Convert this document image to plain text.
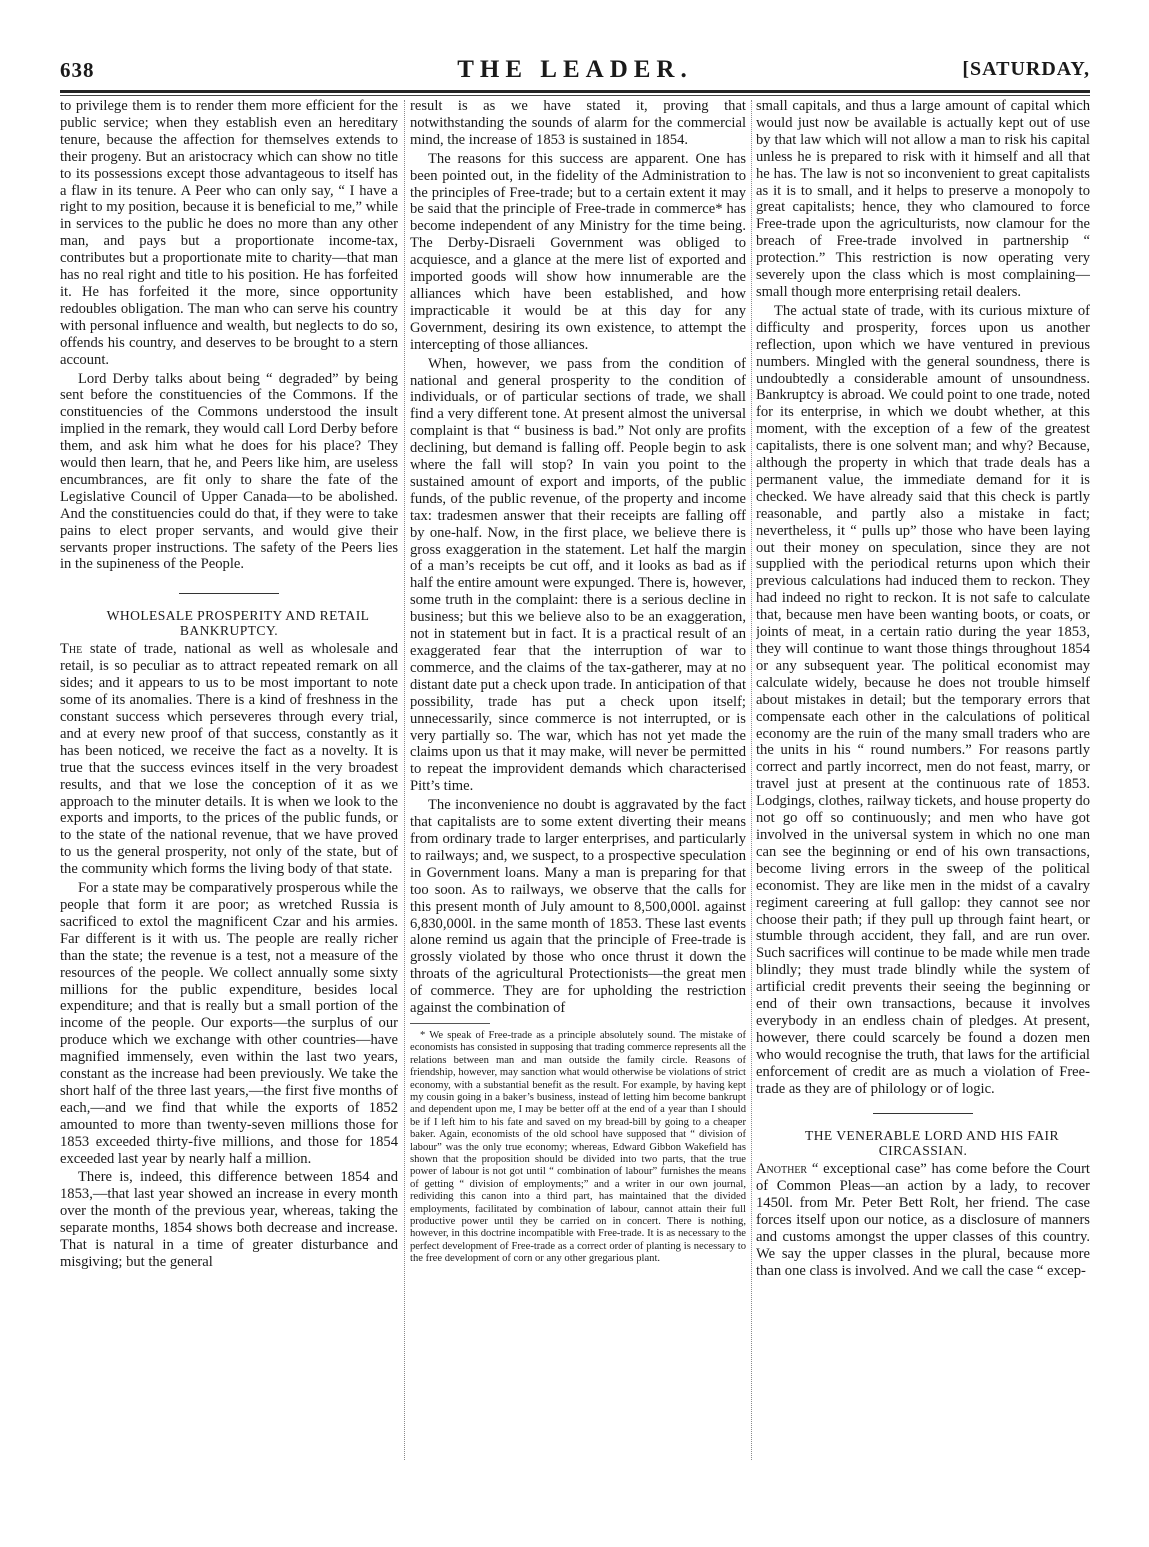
638	THE LEADER.	[SATURDAY,

to privilege them is to render them more efficient for the public service; when they establish even an hereditary tenure, because the affection for themselves extends to their progeny. But an aristocracy which can show no title to its possessions except those advantageous to itself has a flaw in its tenure. A Peer who can only say, “ I have a right to my position, because it is beneficial to me,” while in services to the public he does no more than any other man, and pays but a proportionate income-tax, contributes but a proportionate mite to charity—that man has no real right and title to his position. He has forfeited it. He has forfeited it the more, since opportunity redoubles obligation. The man who can serve his country with personal influence and wealth, but neglects to do so, offends his country, and deserves to be brought to a stern account.

Lord Derby talks about being “ degraded” by being sent before the constituencies of the Commons. If the constituencies of the Commons understood the insult implied in the remark, they would call Lord Derby before them, and ask him what he does for his place? They would then learn, that he, and Peers like him, are useless encumbrances, are fit only to share the fate of the Legislative Council of Upper Canada—to be abolished. And the constituencies could do that, if they were to take pains to elect proper servants, and would give their servants proper instructions. The safety of the Peers lies in the supineness of the People.

WHOLESALE PROSPERITY AND RETAIL BANKRUPTCY.

The state of trade, national as well as wholesale and retail, is so peculiar as to attract repeated remark on all sides; and it appears to us to be most important to note some of its anomalies. There is a kind of freshness in the constant success which perseveres through every trial, and at every new proof of that success, constantly as it has been noticed, we receive the fact as a novelty. It is true that the success evinces itself in the very broadest results, and that we lose the conception of it as we approach to the minuter details. It is when we look to the exports and imports, to the prices of the public funds, or to the state of the national revenue, that we have proved to us the general prosperity, not only of the state, but of the community which forms the living body of that state.

For a state may be comparatively prosperous while the people that form it are poor; as wretched Russia is sacrificed to extol the magnificent Czar and his armies. Far different is it with us. The people are really richer than the state; the revenue is a test, not a measure of the resources of the people. We collect annually some sixty millions for the public expenditure, besides local expenditure; and that is really but a small portion of the income of the people. Our exports—the surplus of our produce which we exchange with other countries—have magnified immensely, even within the last two years, constant as the increase had been previously. We take the short half of the three last years,—the first five months of each,—and we find that while the exports of 1852 amounted to more than twenty-seven millions those for 1853 exceeded thirty-five millions, and those for 1854 exceeded last year by nearly half a million.

There is, indeed, this difference between 1854 and 1853,—that last year showed an increase in every month over the month of the previous year, whereas, taking the separate months, 1854 shows both decrease and increase. That is natural in a time of greater disturbance and misgiving; but the general

result is as we have stated it, proving that notwithstanding the sounds of alarm for the commercial mind, the increase of 1853 is sustained in 1854.

The reasons for this success are apparent. One has been pointed out, in the fidelity of the Administration to the principles of Free-trade; but to a certain extent it may be said that the principle of Free-trade in commerce* has become independent of any Ministry for the time being. The Derby-Disraeli Government was obliged to acquiesce, and a glance at the mere list of exported and imported goods will show how innumerable are the alliances which have been established, and how impracticable it would be at this day for any Government, desiring its own existence, to attempt the intercepting of those alliances.

When, however, we pass from the condition of national and general prosperity to the condition of individuals, or of particular sections of trade, we shall find a very different tone. At present almost the universal complaint is that “ business is bad.” Not only are profits declining, but demand is falling off. People begin to ask where the fall will stop? In vain you point to the sustained amount of export and imports, of the public funds, of the public revenue, of the property and income tax: tradesmen answer that their receipts are falling off by one-half. Now, in the first place, we believe there is gross exaggeration in the statement. Let half the margin of a man’s receipts be cut off, and it looks as bad as if half the entire amount were expunged. There is, however, some truth in the complaint: there is a serious decline in business; but this we believe also to be an exaggeration, not in statement but in fact. It is a practical result of an exaggerated fear that the interruption of war to commerce, and the claims of the tax-gatherer, may at no distant date put a check upon trade. In anticipation of that possibility, trade has put a check upon itself; unnecessarily, since commerce is not interrupted, or is very partially so. The war, which has not yet made the claims upon us that it may make, will never be permitted to repeat the improvident demands which characterised Pitt’s time.

The inconvenience no doubt is aggravated by the fact that capitalists are to some extent diverting their means from ordinary trade to larger enterprises, and particularly to railways; and, we suspect, to a prospective speculation in Government loans. Many a man is preparing for that too soon. As to railways, we observe that the calls for this present month of July amount to 8,500,000l. against 6,830,000l. in the same month of 1853. These last events alone remind us again that the principle of Free-trade is grossly violated by those who once thrust it down the throats of the agricultural Protectionists—the great men of commerce. They are for upholding the restriction against the combination of

* We speak of Free-trade as a principle absolutely sound. The mistake of economists has consisted in supposing that trading commerce represents all the relations between man and man outside the family circle. Reasons of friendship, however, may sanction what would otherwise be violations of strict economy, with a substantial benefit as the result. For example, by having kept my cousin going in a baker’s business, instead of letting him become bankrupt and dependent upon me, I may be better off at the end of a year than I should be if I left him to his fate and saved on my bread-bill by going to a cheaper baker. Again, economists of the old school have supposed that “ division of labour” was the only true economy; whereas, Edward Gibbon Wakefield has shown that the proposition should be divided into two parts, that the true power of labour is not got until “ combination of labour” furnishes the means of getting “ division of employments;” and a writer in our own journal, redividing this canon into a third part, has maintained that the divided employments, facilitated by combination of labour, cannot attain their full productive power until they be carried on in concert. There is nothing, however, in this doctrine incompatible with Free-trade. It is as necessary to the perfect development of Free-trade as a correct order of planting is necessary to the free development of corn or any other gregarious plant.

small capitals, and thus a large amount of capital which would just now be available is actually kept out of use by that law which will not allow a man to risk his capital unless he is prepared to risk with it himself and all that he has. The law is not so inconvenient to great capitalists as it is to small, and it helps to preserve a monopoly to great capitalists; hence, they who clamoured to force Free-trade upon the agriculturists, now clamour for the breach of Free-trade involved in partnership “ protection.” This restriction is now operating very severely upon the class which is most complaining—small though more enterprising retail dealers.

The actual state of trade, with its curious mixture of difficulty and prosperity, forces upon us another reflection, upon which we have ventured in previous numbers. Mingled with the general soundness, there is undoubtedly a considerable amount of unsoundness. Bankruptcy is abroad. We could point to one trade, noted for its enterprise, in which we doubt whether, at this moment, with the exception of a few of the greatest capitalists, there is one solvent man; and why? Because, although the property in which that trade deals has a permanent value, the immediate demand for it is checked. We have already said that this check is partly reasonable, and partly also a mistake in fact; nevertheless, it “ pulls up” those who have been laying out their money on speculation, since they are not supplied with the periodical returns upon which their previous calculations had induced them to reckon. They had indeed no right to reckon. It is not safe to calculate that, because men have been wanting boots, or coats, or joints of meat, in a certain ratio during the year 1853, they will continue to want those things throughout 1854 or any subsequent year. The political economist may calculate widely, because he does not trouble himself about mistakes in detail; but the temporary errors that compensate each other in the calculations of political economy are the ruin of the many small traders who are the units in his “ round numbers.” For reasons partly correct and partly incorrect, men do not feast, marry, or travel just at present at the continuous rate of 1853. Lodgings, clothes, railway tickets, and house property do not go off so continuously; and men who have got involved in the universal system in which no one man can see the beginning or end of his own transactions, become living errors in the sweep of the political economist. They are like men in the midst of a cavalry regiment careering at full gallop: they cannot see nor choose their path; if they pull up through faint heart, or stumble through accident, they fall, and are run over. Such sacrifices will continue to be made while men trade blindly; they must trade blindly while the system of artificial credit prevents their seeing the beginning or end of their own transactions, because it involves everybody in an endless chain of pledges. At present, however, there could scarcely be found a dozen men who would recognise the truth, that laws for the artificial enforcement of credit are as much a violation of Free-trade as they are of philology or of logic.

THE VENERABLE LORD AND HIS FAIR CIRCASSIAN.

Another “ exceptional case” has come before the Court of Common Pleas—an action by a lady, to recover 1450l. from Mr. Peter Bett Rolt, her friend. The case forces itself upon our notice, as a disclosure of manners and customs amongst the upper classes of this country. We say the upper classes in the plural, because more than one class is involved. And we call the case “ excep-
